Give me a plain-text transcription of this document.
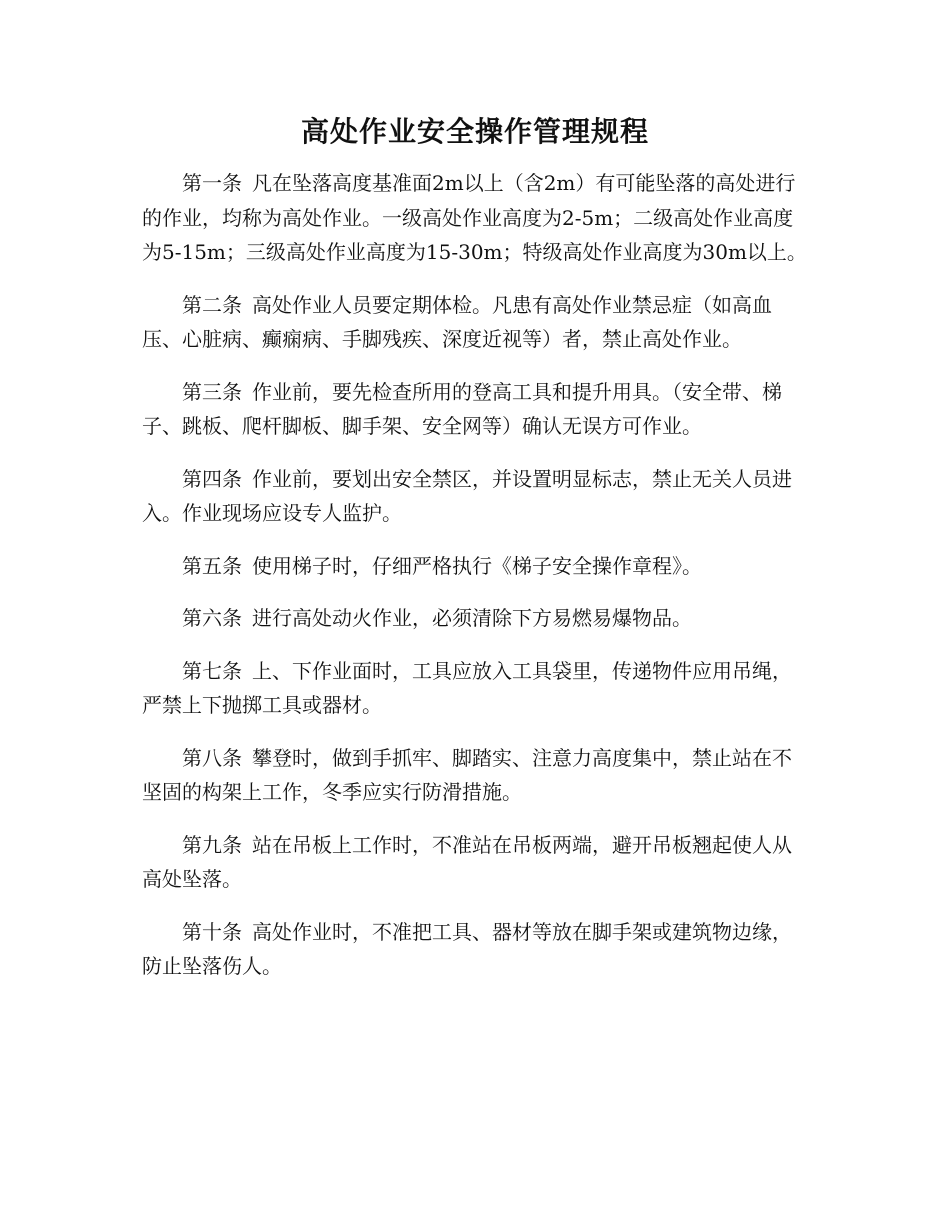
高处作业安全操作管理规程

第一条 凡在坠落高度基准面2m以上（含2m）有可能坠落的高处进行的作业，均称为高处作业。一级高处作业高度为2-5m；二级高处作业高度为5-15m；三级高处作业高度为15-30m；特级高处作业高度为30m以上。

第二条 高处作业人员要定期体检。凡患有高处作业禁忌症（如高血压、心脏病、癫痫病、手脚残疾、深度近视等）者，禁止高处作业。

第三条 作业前，要先检查所用的登高工具和提升用具。（安全带、梯子、跳板、爬杆脚板、脚手架、安全网等）确认无误方可作业。

第四条 作业前，要划出安全禁区，并设置明显标志，禁止无关人员进入。作业现场应设专人监护。

第五条 使用梯子时，仔细严格执行《梯子安全操作章程》。

第六条 进行高处动火作业，必须清除下方易燃易爆物品。

第七条 上、下作业面时，工具应放入工具袋里，传递物件应用吊绳，严禁上下抛掷工具或器材。

第八条 攀登时，做到手抓牢、脚踏实、注意力高度集中，禁止站在不坚固的构架上工作，冬季应实行防滑措施。

第九条 站在吊板上工作时，不准站在吊板两端，避开吊板翘起使人从高处坠落。

第十条 高处作业时，不准把工具、器材等放在脚手架或建筑物边缘，防止坠落伤人。
